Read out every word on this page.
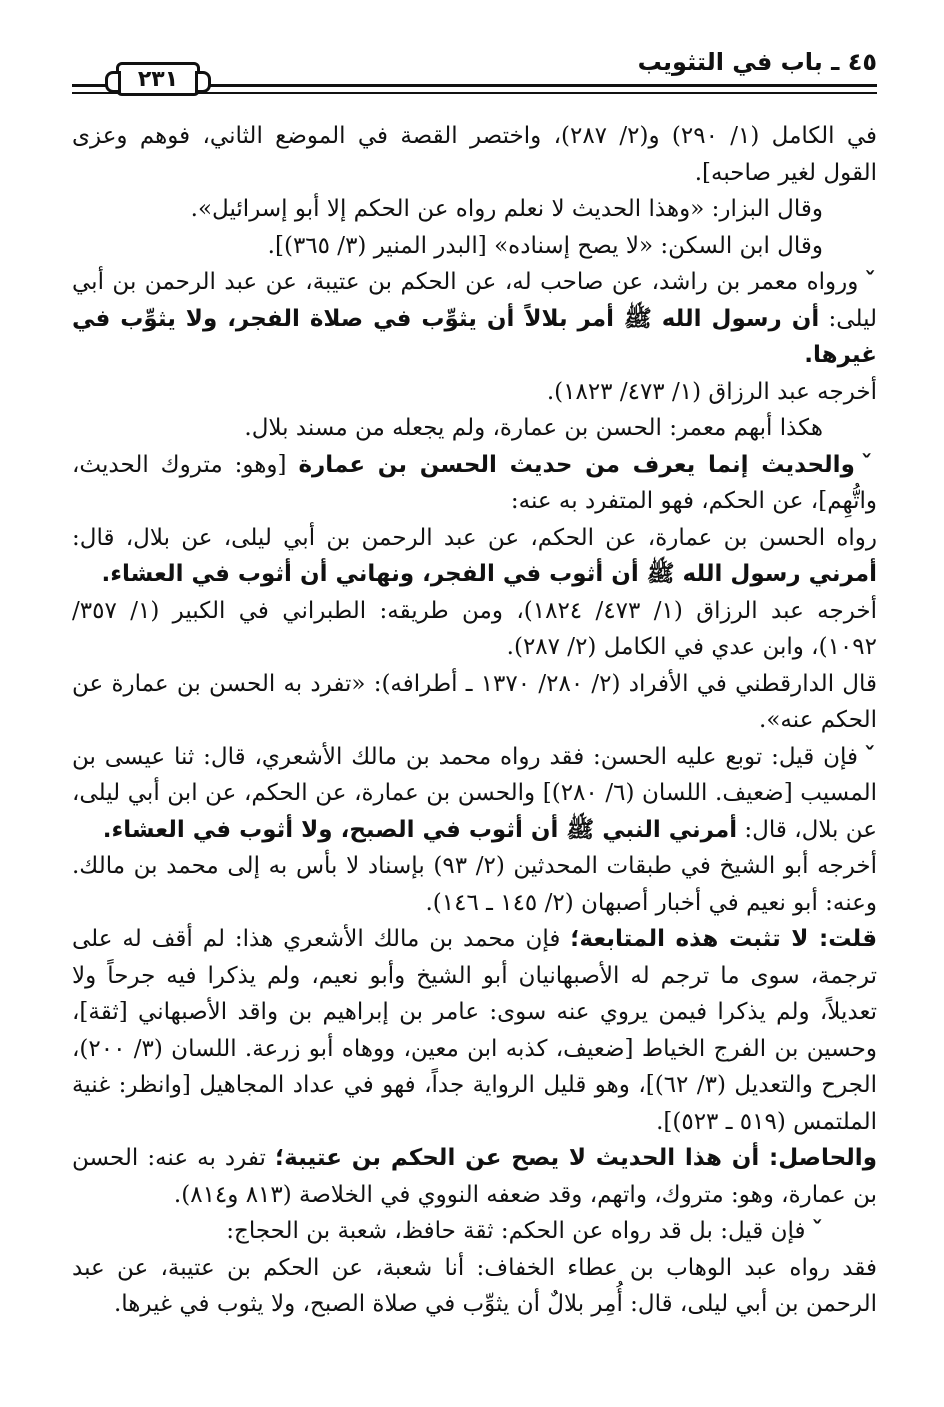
٤٥ ـ باب في التثويب
٢٣١

في الكامل (١/ ٢٩٠) و(٢/ ٢٨٧)، واختصر القصة في الموضع الثاني، فوهم وعزى القول لغير صاحبه].

وقال البزار: «وهذا الحديث لا نعلم رواه عن الحكم إلا أبو إسرائيل».

وقال ابن السكن: «لا يصح إسناده» [البدر المنير (٣/ ٣٦٥)].

ˇورواه معمر بن راشد، عن صاحب له، عن الحكم بن عتيبة، عن عبد الرحمن بن أبي ليلى: أن رسول الله ﷺ أمر بلالاً أن يثوِّب في صلاة الفجر، ولا يثوِّب في غيرها.

أخرجه عبد الرزاق (١/ ٤٧٣/ ١٨٢٣).

هكذا أبهم معمر: الحسن بن عمارة، ولم يجعله من مسند بلال.

ˇوالحديث إنما يعرف من حديث الحسن بن عمارة [وهو: متروك الحديث، واتُّهِم]، عن الحكم، فهو المتفرد به عنه:

رواه الحسن بن عمارة، عن الحكم، عن عبد الرحمن بن أبي ليلى، عن بلال، قال: أمرني رسول الله ﷺ أن أثوب في الفجر، ونهاني أن أثوب في العشاء.

أخرجه عبد الرزاق (١/ ٤٧٣/ ١٨٢٤)، ومن طريقه: الطبراني في الكبير (١/ ٣٥٧/ ١٠٩٢)، وابن عدي في الكامل (٢/ ٢٨٧).

قال الدارقطني في الأفراد (٢/ ٢٨٠/ ١٣٧٠ ـ أطرافه): «تفرد به الحسن بن عمارة عن الحكم عنه».

ˇفإن قيل: توبع عليه الحسن: فقد رواه محمد بن مالك الأشعري، قال: ثنا عيسى بن المسيب [ضعيف. اللسان (٦/ ٢٨٠)] والحسن بن عمارة، عن الحكم، عن ابن أبي ليلى، عن بلال، قال: أمرني النبي ﷺ أن أثوب في الصبح، ولا أثوب في العشاء.

أخرجه أبو الشيخ في طبقات المحدثين (٢/ ٩٣) بإسناد لا بأس به إلى محمد بن مالك. وعنه: أبو نعيم في أخبار أصبهان (٢/ ١٤٥ ـ ١٤٦).

قلت: لا تثبت هذه المتابعة؛ فإن محمد بن مالك الأشعري هذا: لم أقف له على ترجمة، سوى ما ترجم له الأصبهانيان أبو الشيخ وأبو نعيم، ولم يذكرا فيه جرحاً ولا تعديلاً، ولم يذكرا فيمن يروي عنه سوى: عامر بن إبراهيم بن واقد الأصبهاني [ثقة]، وحسين بن الفرج الخياط [ضعيف، كذبه ابن معين، ووهاه أبو زرعة. اللسان (٣/ ٢٠٠)، الجرح والتعديل (٣/ ٦٢)]، وهو قليل الرواية جداً، فهو في عداد المجاهيل [وانظر: غنية الملتمس (٥١٩ ـ ٥٢٣)].

والحاصل: أن هذا الحديث لا يصح عن الحكم بن عتيبة؛ تفرد به عنه: الحسن بن عمارة، وهو: متروك، واتهم، وقد ضعفه النووي في الخلاصة (٨١٣ و٨١٤).

ˇفإن قيل: بل قد رواه عن الحكم: ثقة حافظ، شعبة بن الحجاج:

فقد رواه عبد الوهاب بن عطاء الخفاف: أنا شعبة، عن الحكم بن عتيبة، عن عبد الرحمن بن أبي ليلى، قال: أُمِر بلالٌ أن يثوِّب في صلاة الصبح، ولا يثوب في غيرها.
